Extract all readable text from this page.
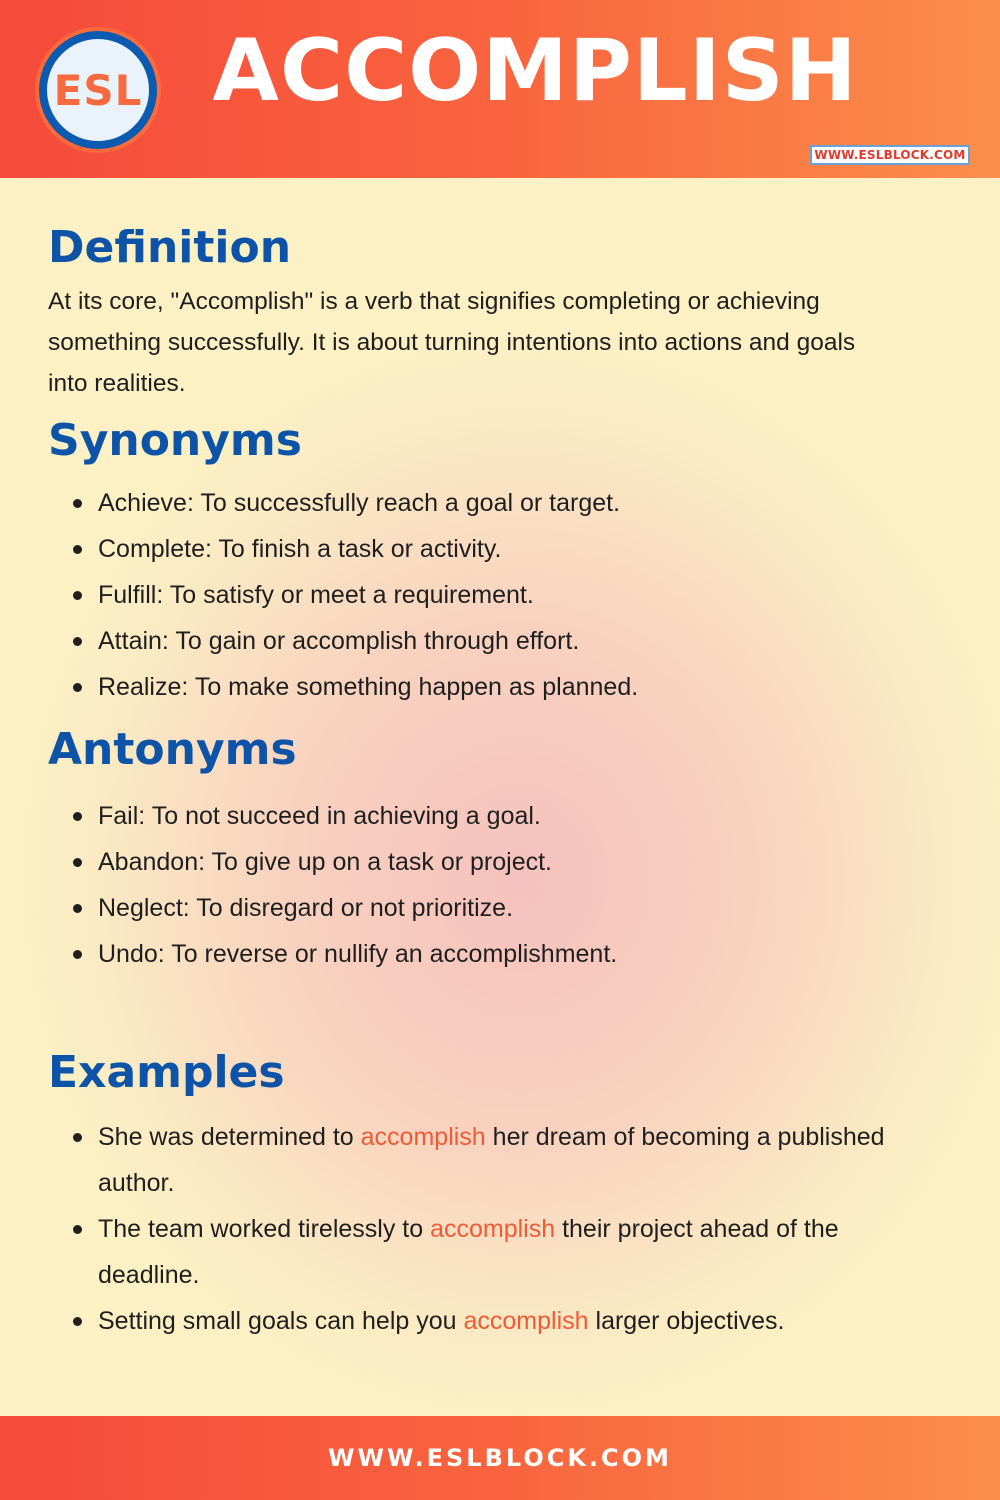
ESL ACCOMPLISH
WWW.ESLBLOCK.COM
Definition
At its core, "Accomplish" is a verb that signifies completing or achieving
something successfully. It is about turning intentions into actions and goals
into realities.
Synonyms
Achieve: To successfully reach a goal or target.
Complete: To finish a task or activity.
Fulfill: To satisfy or meet a requirement.
Attain: To gain or accomplish through effort.
Realize: To make something happen as planned.
Antonyms
Fail: To not succeed in achieving a goal.
Abandon: To give up on a task or project.
Neglect: To disregard or not prioritize.
Undo: To reverse or nullify an accomplishment.
Examples
She was determined to accomplish her dream of becoming a published
author.
The team worked tirelessly to accomplish their project ahead of the
deadline.
Setting small goals can help you accomplish larger objectives.
WWW.ESLBLOCK.COM
